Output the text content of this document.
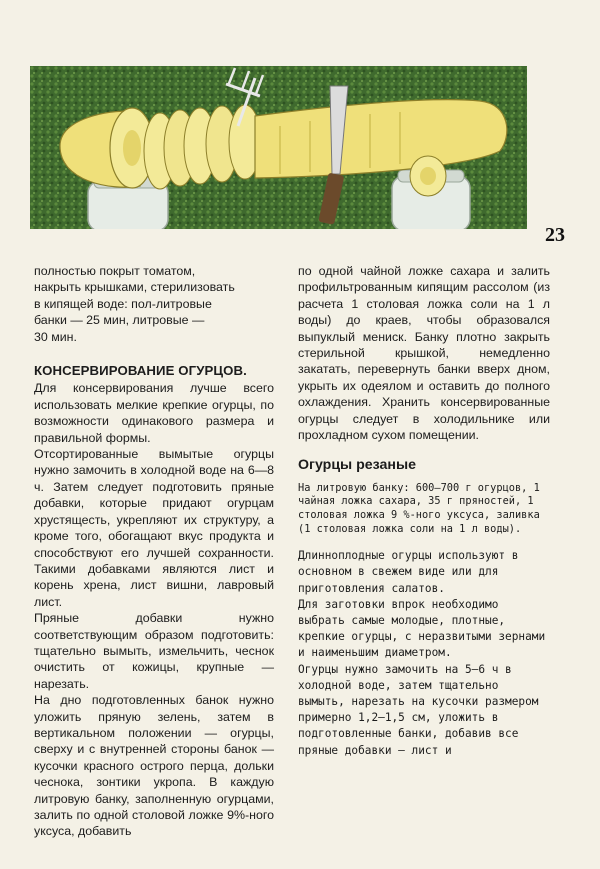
23

полностью покрыт томатом,

накрыть крышками, стерилизовать

в кипящей воде: пол-литровые

банки — 25 мин, литровые —

30 мин.

КОНСЕРВИРОВАНИЕ ОГУРЦОВ.

Для консервирования лучше всего использовать мелкие крепкие огурцы, по возможности одинакового размера и правильной формы.

Отсортированные вымытые огурцы нужно замочить в холодной воде на 6—8 ч. Затем следует подготовить пряные добавки, которые придают огурцам хрустящесть, укрепляют их структуру, а кроме того, обогащают вкус продукта и способствуют его лучшей сохранности. Такими добавками являются лист и корень хрена, лист вишни, лавровый лист.

Пряные добавки нужно соответствующим образом подготовить: тщательно вымыть, измельчить, чеснок очистить от кожицы, крупные — нарезать.

На дно подготовленных банок нужно уложить пряную зелень, затем в вертикальном положении — огурцы, сверху и с внутренней стороны банок — кусочки красного острого перца, дольки чеснока, зонтики укропа. В каждую литровую банку, заполненную огурцами, залить по одной столовой ложке 9%-ного уксуса, добавить

по одной чайной ложке сахара и залить профильтрованным кипящим рассолом (из расчета 1 столовая ложка соли на 1 л воды) до краев, чтобы образовался выпуклый мениск. Банку плотно закрыть стерильной крышкой, немедленно закатать, перевернуть банки вверх дном, укрыть их одеялом и оставить до полного охлаждения. Хранить консервированные огурцы следует в холодильнике или прохладном сухом помещении.

Огурцы резаные

На литровую банку: 600—700 г огурцов, 1 чайная ложка сахара, 35 г пряностей, 1 столовая ложка 9 %-ного уксуса, заливка (1 столовая ложка соли на 1 л воды).

Длинноплодные огурцы используют в основном в свежем виде или для приготовления салатов.

Для заготовки впрок необходимо выбрать самые молодые, плотные, крепкие огурцы, с неразвитыми зернами и наименьшим диаметром.

Огурцы нужно замочить на 5—6 ч в холодной воде, затем тщательно вымыть, нарезать на кусочки размером примерно 1,2—1,5 см, уложить в подготовленные банки, добавив все пряные добавки — лист и
